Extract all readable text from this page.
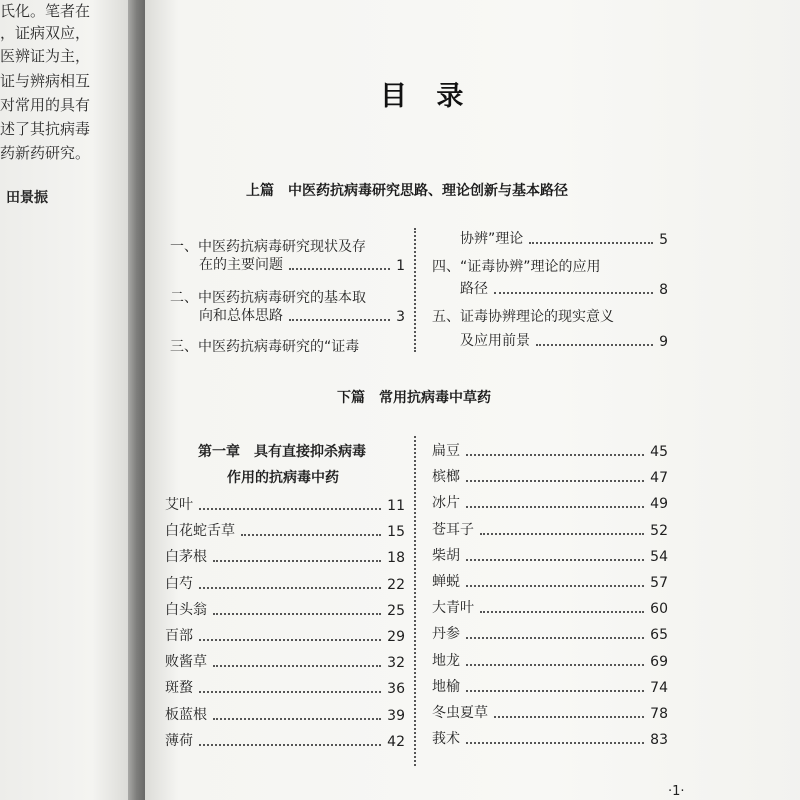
氏化。笔者在
，证病双应，
医辨证为主，
证与辨病相互
对常用的具有
述了其抗病毒
药新药研究。
田景振
目 录
上篇　中医药抗病毒研究思路、理论创新与基本路径
一、中医药抗病毒研究现状及存
在的主要问题	1
二、中医药抗病毒研究的基本取
向和总体思路	3
三、中医药抗病毒研究的“证毒
协辨”理论	5
四、“证毒协辨”理论的应用
路径	8
五、证毒协辨理论的现实意义
及应用前景	9
下篇　常用抗病毒中草药
第一章　具有直接抑杀病毒
作用的抗病毒中药
艾叶	11
白花蛇舌草	15
白茅根	18
白芍	22
白头翁	25
百部	29
败酱草	32
斑蝥	36
板蓝根	39
薄荷	42
扁豆	45
槟榔	47
冰片	49
苍耳子	52
柴胡	54
蝉蜕	57
大青叶	60
丹参	65
地龙	69
地榆	74
冬虫夏草	78
莪术	83
·1·
